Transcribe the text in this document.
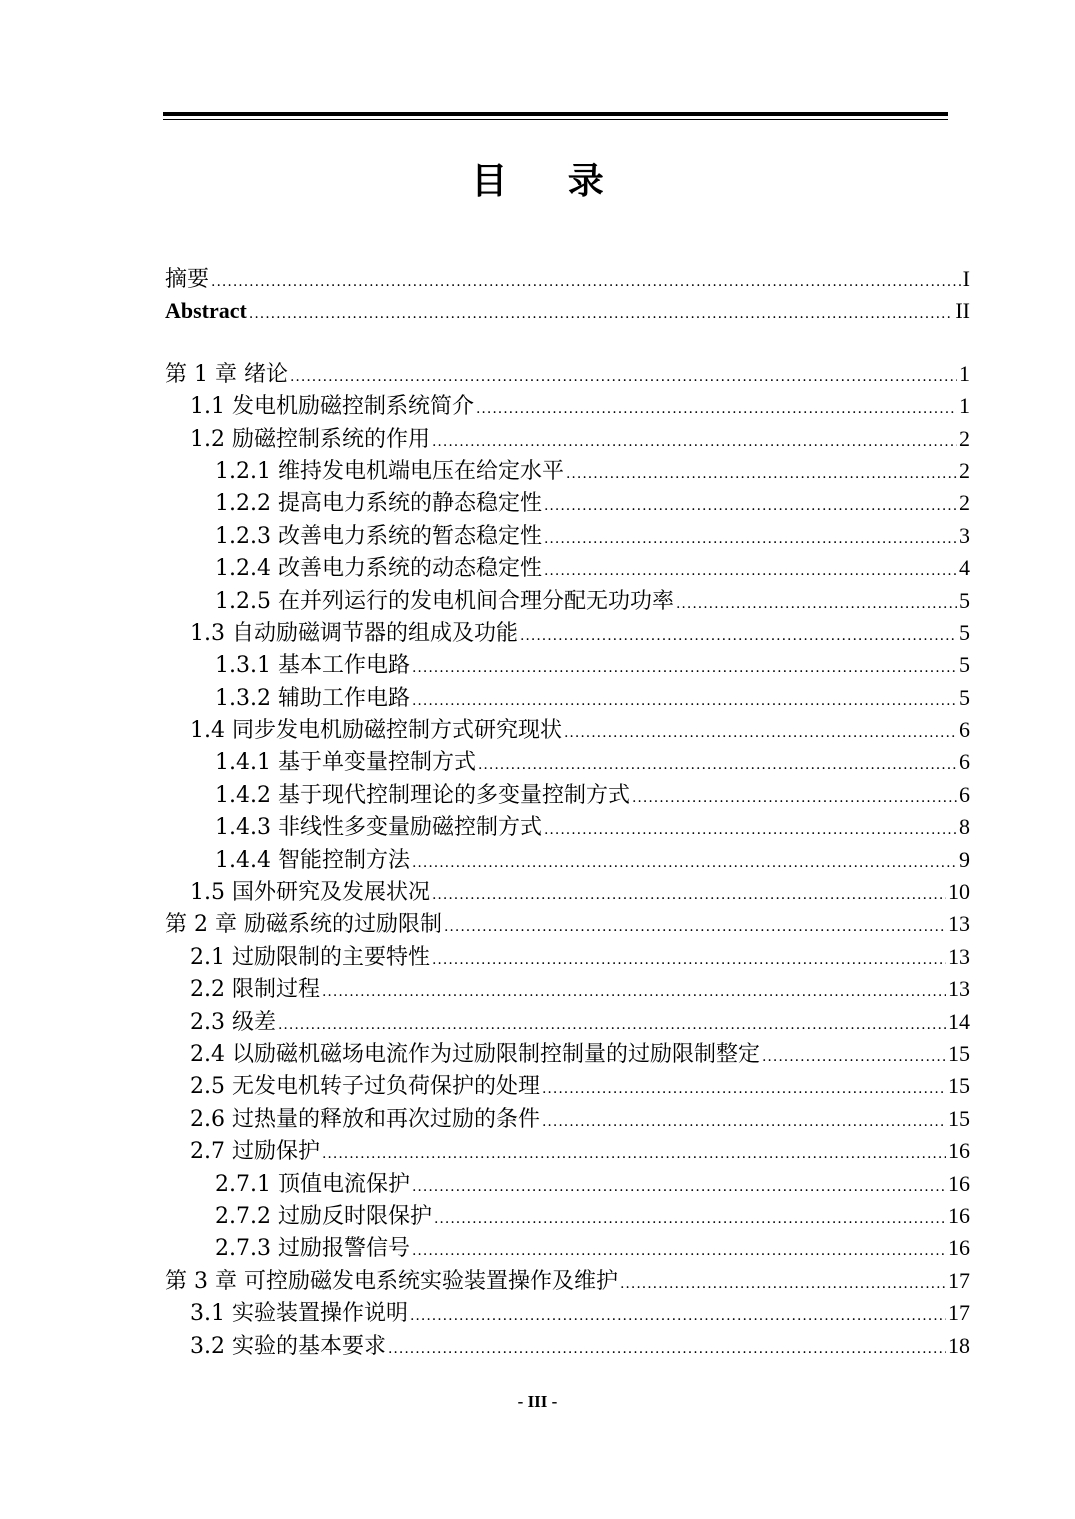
目 录
摘要 .....	I
Abstract .....	II
第 1 章 绪论 .....	1
1.1 发电机励磁控制系统简介 .....	1
1.2 励磁控制系统的作用 .....	2
1.2.1 维持发电机端电压在给定水平 .....	2
1.2.2 提高电力系统的静态稳定性 .....	2
1.2.3 改善电力系统的暂态稳定性 .....	3
1.2.4 改善电力系统的动态稳定性 .....	4
1.2.5 在并列运行的发电机间合理分配无功功率 .....	5
1.3 自动励磁调节器的组成及功能 .....	5
1.3.1 基本工作电路 .....	5
1.3.2 辅助工作电路 .....	5
1.4 同步发电机励磁控制方式研究现状 .....	6
1.4.1 基于单变量控制方式 .....	6
1.4.2 基于现代控制理论的多变量控制方式 .....	6
1.4.3 非线性多变量励磁控制方式 .....	8
1.4.4 智能控制方法 .....	9
1.5 国外研究及发展状况 .....	10
第 2 章 励磁系统的过励限制 .....	13
2.1 过励限制的主要特性 .....	13
2.2 限制过程 .....	13
2.3 级差 .....	14
2.4 以励磁机磁场电流作为过励限制控制量的过励限制整定 .....	15
2.5 无发电机转子过负荷保护的处理 .....	15
2.6 过热量的释放和再次过励的条件 .....	15
2.7 过励保护 .....	16
2.7.1 顶值电流保护 .....	16
2.7.2 过励反时限保护 .....	16
2.7.3 过励报警信号 .....	16
第 3 章 可控励磁发电系统实验装置操作及维护 .....	17
3.1 实验装置操作说明 .....	17
3.2 实验的基本要求 .....	18
- III -
